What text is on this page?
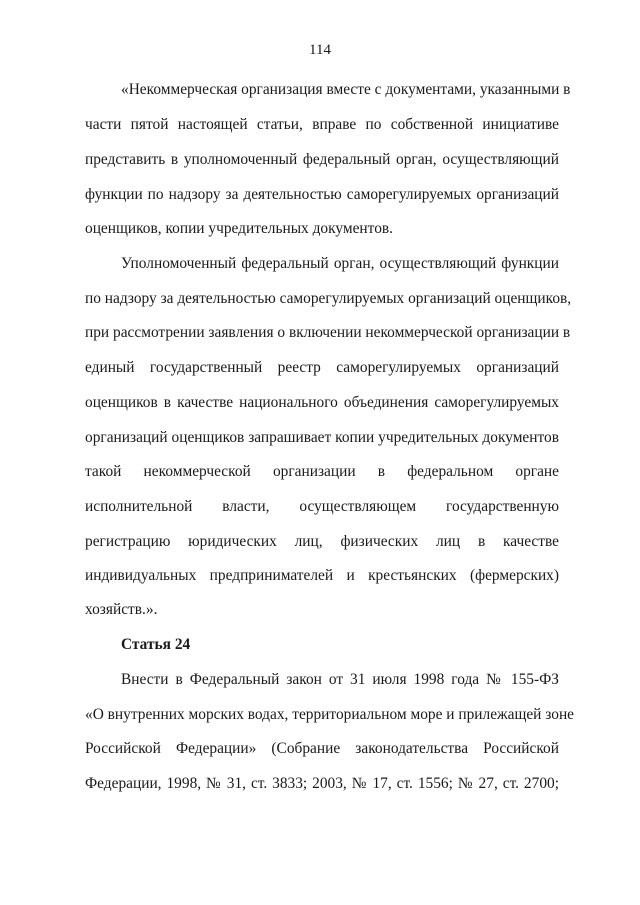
114
«Некоммерческая организация вместе с документами, указанными в
части пятой настоящей статьи, вправе по собственной инициативе
представить в уполномоченный федеральный орган, осуществляющий
функции по надзору за деятельностью саморегулируемых организаций
оценщиков, копии учредительных документов.
Уполномоченный федеральный орган, осуществляющий функции
по надзору за деятельностью саморегулируемых организаций оценщиков,
при рассмотрении заявления о включении некоммерческой организации в
единый государственный реестр саморегулируемых организаций
оценщиков в качестве национального объединения саморегулируемых
организаций оценщиков запрашивает копии учредительных документов
такой некоммерческой организации в федеральном органе
исполнительной власти, осуществляющем государственную
регистрацию юридических лиц, физических лиц в качестве
индивидуальных предпринимателей и крестьянских (фермерских)
хозяйств.».
Статья 24
Внести в Федеральный закон от 31 июля 1998 года № 155-ФЗ
«О внутренних морских водах, территориальном море и прилежащей зоне
Российской Федерации» (Собрание законодательства Российской
Федерации, 1998, № 31, ст. 3833; 2003, № 17, ст. 1556; № 27, ст. 2700;
